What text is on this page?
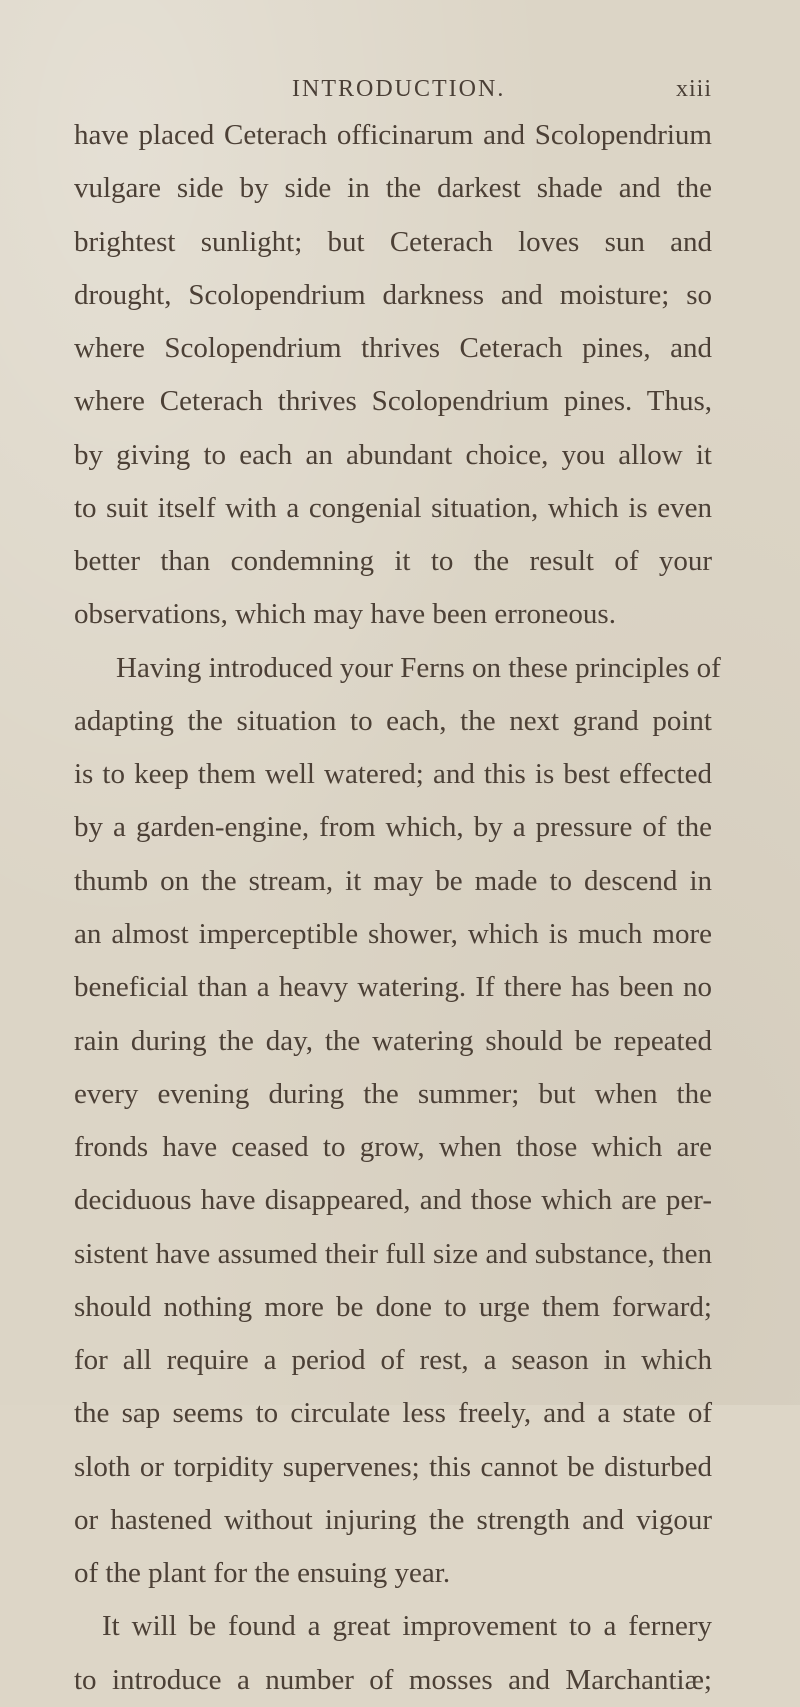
INTRODUCTION.	xiii
have placed Ceterach officinarum and Scolopendrium
vulgare side by side in the darkest shade and the
brightest sunlight; but Ceterach loves sun and
drought, Scolopendrium darkness and moisture; so
where Scolopendrium thrives Ceterach pines, and
where Ceterach thrives Scolopendrium pines. Thus,
by giving to each an abundant choice, you allow it
to suit itself with a congenial situation, which is even
better than condemning it to the result of your
observations, which may have been erroneous.
Having introduced your Ferns on these principles of
adapting the situation to each, the next grand point
is to keep them well watered; and this is best effected
by a garden-engine, from which, by a pressure of the
thumb on the stream, it may be made to descend in
an almost imperceptible shower, which is much more
beneficial than a heavy watering. If there has been no
rain during the day, the watering should be repeated
every evening during the summer; but when the
fronds have ceased to grow, when those which are
deciduous have disappeared, and those which are per-
sistent have assumed their full size and substance, then
should nothing more be done to urge them forward;
for all require a period of rest, a season in which
the sap seems to circulate less freely, and a state of
sloth or torpidity supervenes; this cannot be disturbed
or hastened without injuring the strength and vigour
of the plant for the ensuing year.
It will be found a great improvement to a fernery
to introduce a number of mosses and Marchantiæ;
